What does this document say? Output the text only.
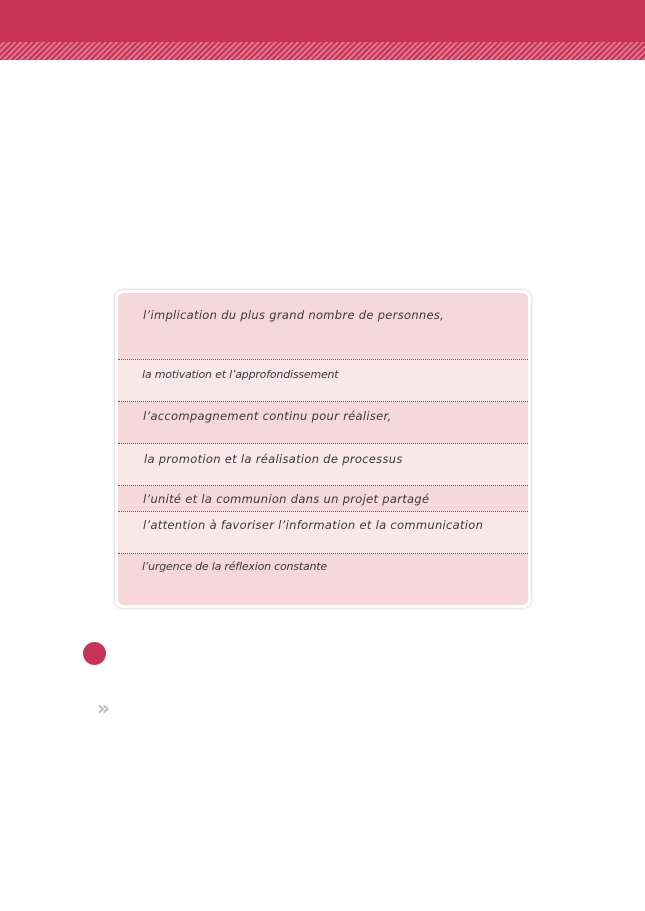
l’implication du plus grand nombre de personnes,
la motivation et l’approfondissement
l’accompagnement continu pour réaliser,
la promotion et la réalisation de processus
l’unité et la communion dans un projet partagé
l’attention à favoriser l’information et la communication
l’urgence de la réflexion constante
»
